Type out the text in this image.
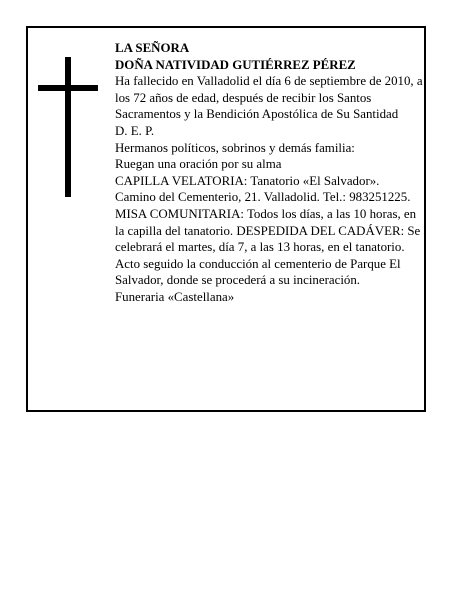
LA SEÑORA

DOÑA NATIVIDAD GUTIÉRREZ PÉREZ

Ha fallecido en Valladolid el día 6 de septiembre de 2010, a los 72 años de edad, después de recibir los Santos Sacramentos y la Bendición Apostólica de Su Santidad

D. E. P.

Hermanos políticos, sobrinos y demás familia:

Ruegan una oración por su alma

CAPILLA VELATORIA: Tanatorio «El Salvador». Camino del Cementerio, 21. Valladolid. Tel.: 983251225.

MISA COMUNITARIA: Todos los días, a las 10 horas, en la capilla del tanatorio. DESPEDIDA DEL CADÁVER: Se celebrará el martes, día 7, a las 13 horas, en el tanatorio. Acto seguido la conducción al cementerio de Parque El Salvador, donde se procederá a su incineración.

Funeraria «Castellana»
